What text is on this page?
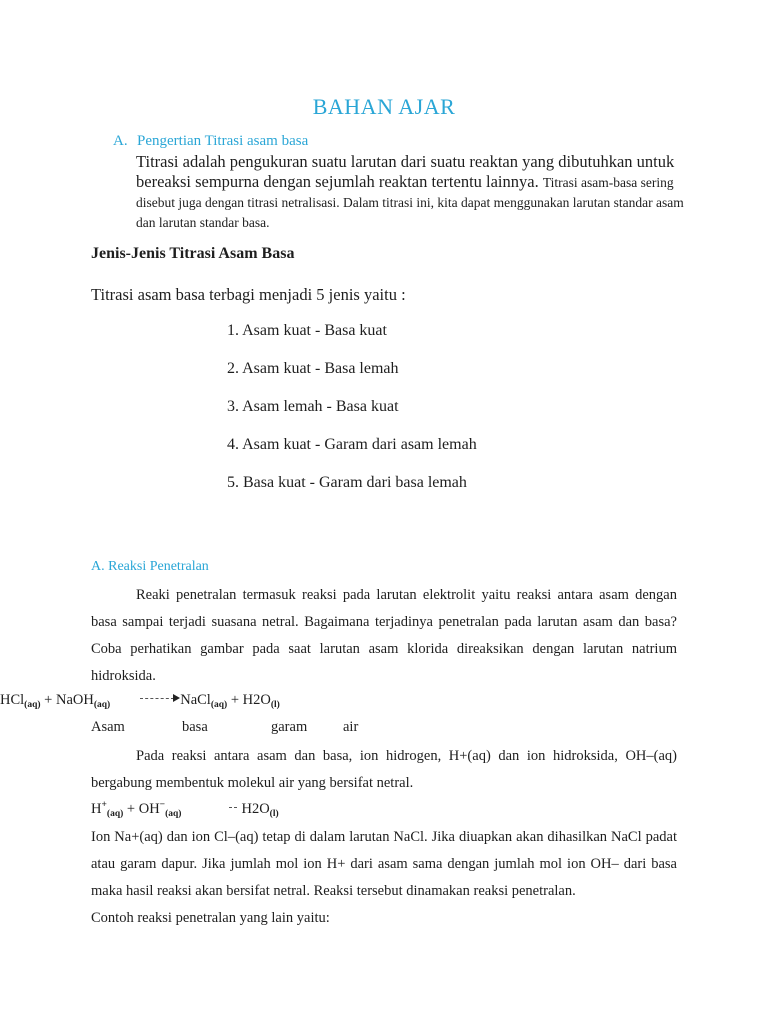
BAHAN AJAR
A. Pengertian Titrasi asam basa
Titrasi adalah pengukuran suatu larutan dari suatu reaktan yang dibutuhkan untuk bereaksi sempurna dengan sejumlah reaktan tertentu lainnya. Titrasi asam-basa sering disebut juga dengan titrasi netralisasi. Dalam titrasi ini, kita dapat menggunakan larutan standar asam dan larutan standar basa.
Jenis-Jenis Titrasi Asam Basa
Titrasi asam basa terbagi menjadi 5 jenis yaitu :
1. Asam kuat - Basa kuat
2. Asam kuat - Basa lemah
3. Asam lemah - Basa kuat
4. Asam kuat - Garam dari asam lemah
5. Basa kuat - Garam dari basa lemah
A. Reaksi Penetralan
Reaki penetralan termasuk reaksi pada larutan elektrolit yaitu reaksi antara asam dengan basa sampai terjadi suasana netral. Bagaimana terjadinya penetralan pada larutan asam dan basa? Coba perhatikan gambar pada saat larutan asam klorida direaksikan dengan larutan natrium hidroksida.
HCl$_{(aq)}$ + NaOH$_{(aq)}$ → NaCl$_{(aq)}$ + $H2O_{(l)}$
Asam	basa	garam air
Pada reaksi antara asam dan basa, ion hidrogen, H+(aq) dan ion hidroksida, OH–(aq) bergabung membentuk molekul air yang bersifat netral.
$H^+_{(aq)} + OH^-_{(aq)}$	$H2O_{(l)}$
Ion Na+(aq) dan ion Cl–(aq) tetap di dalam larutan NaCl. Jika diuapkan akan dihasilkan NaCl padat atau garam dapur. Jika jumlah mol ion H+ dari asam sama dengan jumlah mol ion OH– dari basa maka hasil reaksi akan bersifat netral. Reaksi tersebut dinamakan reaksi penetralan.
Contoh reaksi penetralan yang lain yaitu:
